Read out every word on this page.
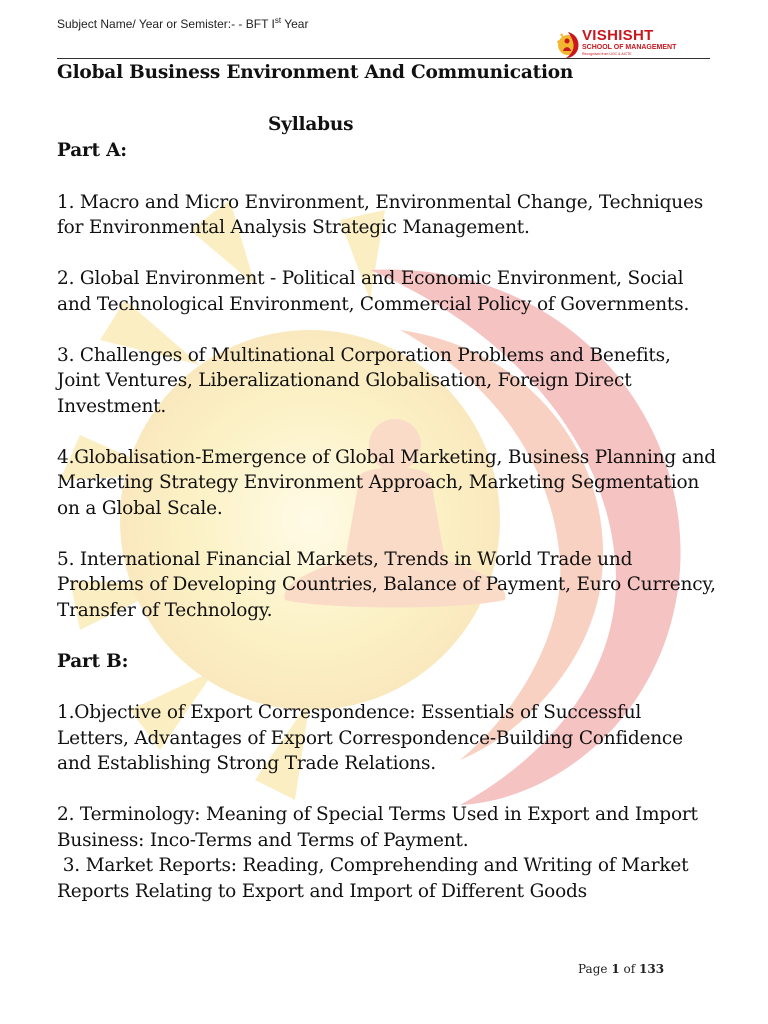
Subject Name/ Year or Semister:- - BFT Ist Year
VISHISHT
SCHOOL OF MANAGEMENT
Recognised from UGC & AICTE
Global Business Environment And Communication
Syllabus
Part A:

1. Macro and Micro Environment, Environmental Change, Techniques for Environmental Analysis Strategic Management.

2. Global Environment - Political and Economic Environment, Social and Technological Environment, Commercial Policy of Governments.

3. Challenges of Multinational Corporation Problems and Benefits, Joint Ventures, Liberalizationand Globalisation, Foreign Direct Investment.

4.Globalisation-Emergence of Global Marketing, Business Planning and Marketing Strategy Environment Approach, Marketing Segmentation on a Global Scale.

5. International Financial Markets, Trends in World Trade und Problems of Developing Countries, Balance of Payment, Euro Currency, Transfer of Technology.

Part B:

1.Objective of Export Correspondence: Essentials of Successful Letters, Advantages of Export Correspondence-Building Confidence and Establishing Strong Trade Relations.

2. Terminology: Meaning of Special Terms Used in Export and Import Business: Inco-Terms and Terms of Payment.

3. Market Reports: Reading, Comprehending and Writing of Market Reports Relating to Export and Import of Different Goods

Page 1 of 133
